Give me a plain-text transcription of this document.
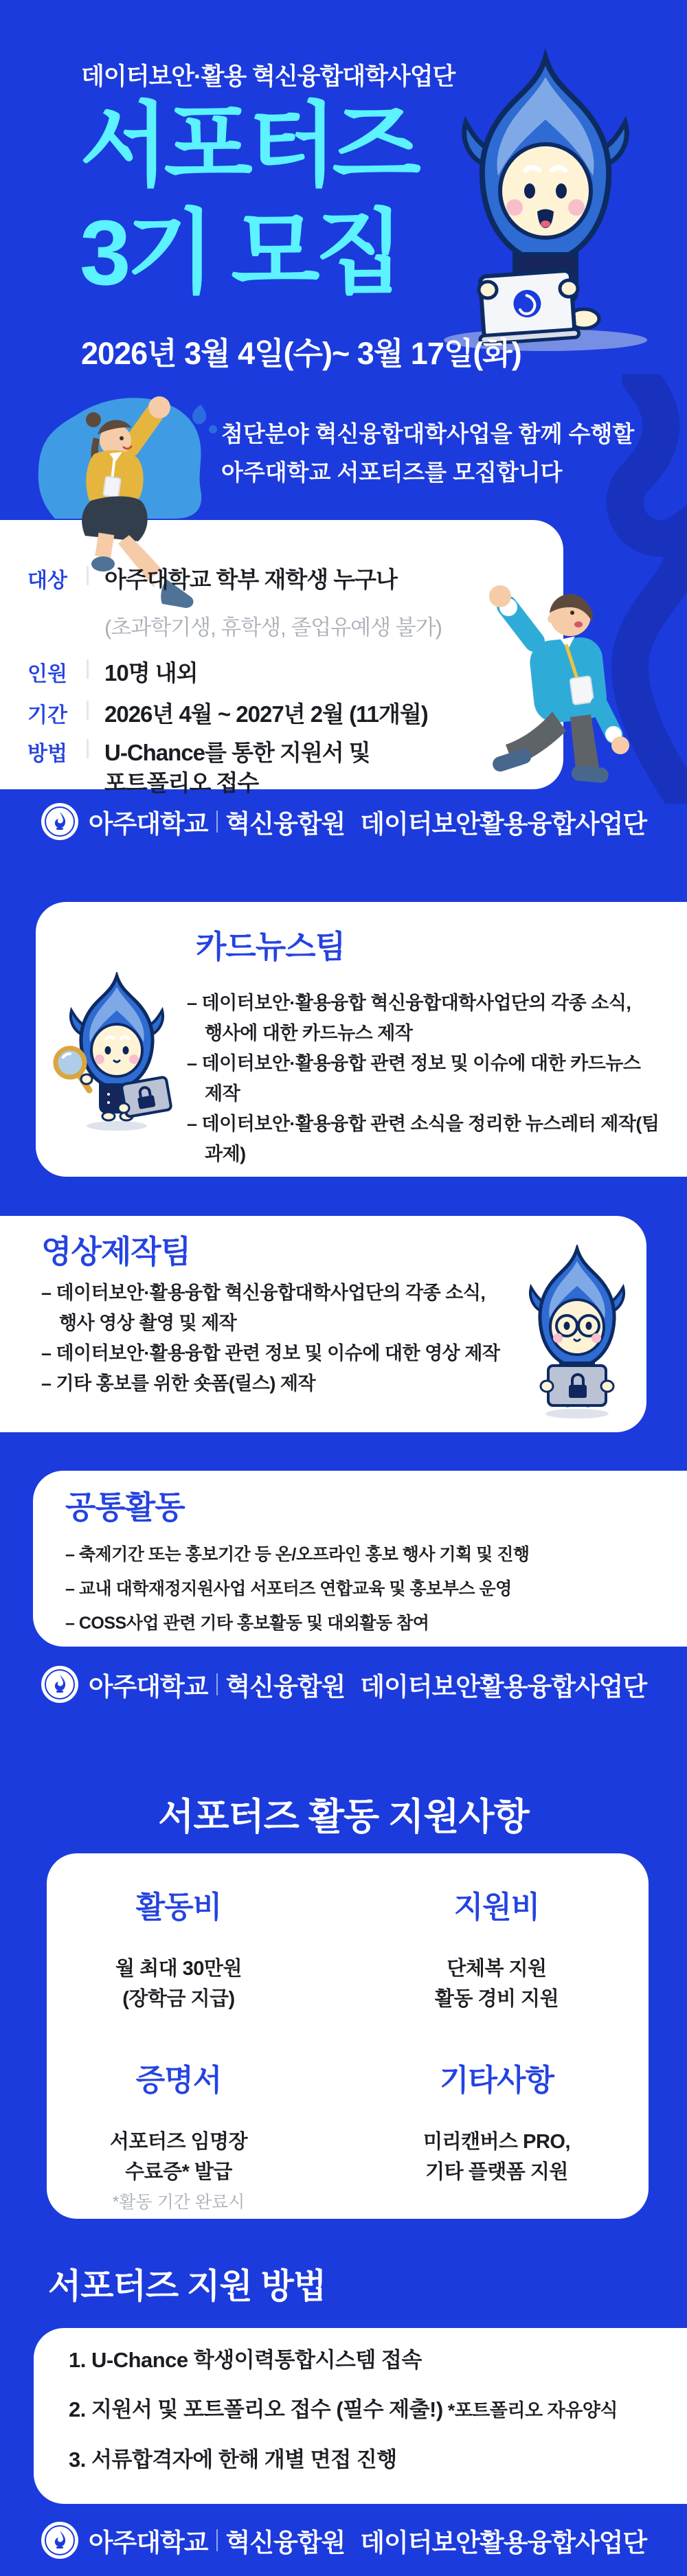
데이터보안·활용 혁신융합대학사업단
서포터즈
3기 모집
2026년 3월 4일(수)~ 3월 17일(화)
첨단분야 혁신융합대학사업을 함께 수행할
아주대학교 서포터즈를 모집합니다
대상 아주대학교 학부 재학생 누구나
(초과학기생, 휴학생, 졸업유예생 불가)
인원 10명 내외
기간 2026년 4월 ~ 2027년 2월 (11개월)
방법 U-Chance를 통한 지원서 및
포트폴리오 접수
아주대학교 혁신융합원 데이터보안활용융합사업단
카드뉴스팀
– 데이터보안·활용융합 혁신융합대학사업단의 각종 소식, 행사에 대한 카드뉴스 제작
– 데이터보안·활용융합 관련 정보 및 이슈에 대한 카드뉴스 제작
– 데이터보안·활용융합 관련 소식을 정리한 뉴스레터 제작(팀 과제)
영상제작팀
– 데이터보안·활용융합 혁신융합대학사업단의 각종 소식, 행사 영상 촬영 및 제작
– 데이터보안·활용융합 관련 정보 및 이슈에 대한 영상 제작
– 기타 홍보를 위한 숏폼(릴스) 제작
공통활동
– 축제기간 또는 홍보기간 등 온/오프라인 홍보 행사 기획 및 진행
– 교내 대학재정지원사업 서포터즈 연합교육 및 홍보부스 운영
– COSS사업 관련 기타 홍보활동 및 대외활동 참여
아주대학교 혁신융합원 데이터보안활용융합사업단
서포터즈 활동 지원사항
활동비
월 최대 30만원
(장학금 지급)
지원비
단체복 지원
활동 경비 지원
증명서
서포터즈 임명장
수료증* 발급
*활동 기간 완료시
기타사항
미리캔버스 PRO,
기타 플랫폼 지원
서포터즈 지원 방법
1. U-Chance 학생이력통합시스템 접속
2. 지원서 및 포트폴리오 접수 (필수 제출!) *포트폴리오 자유양식
3. 서류합격자에 한해 개별 면접 진행
아주대학교 혁신융합원 데이터보안활용융합사업단
